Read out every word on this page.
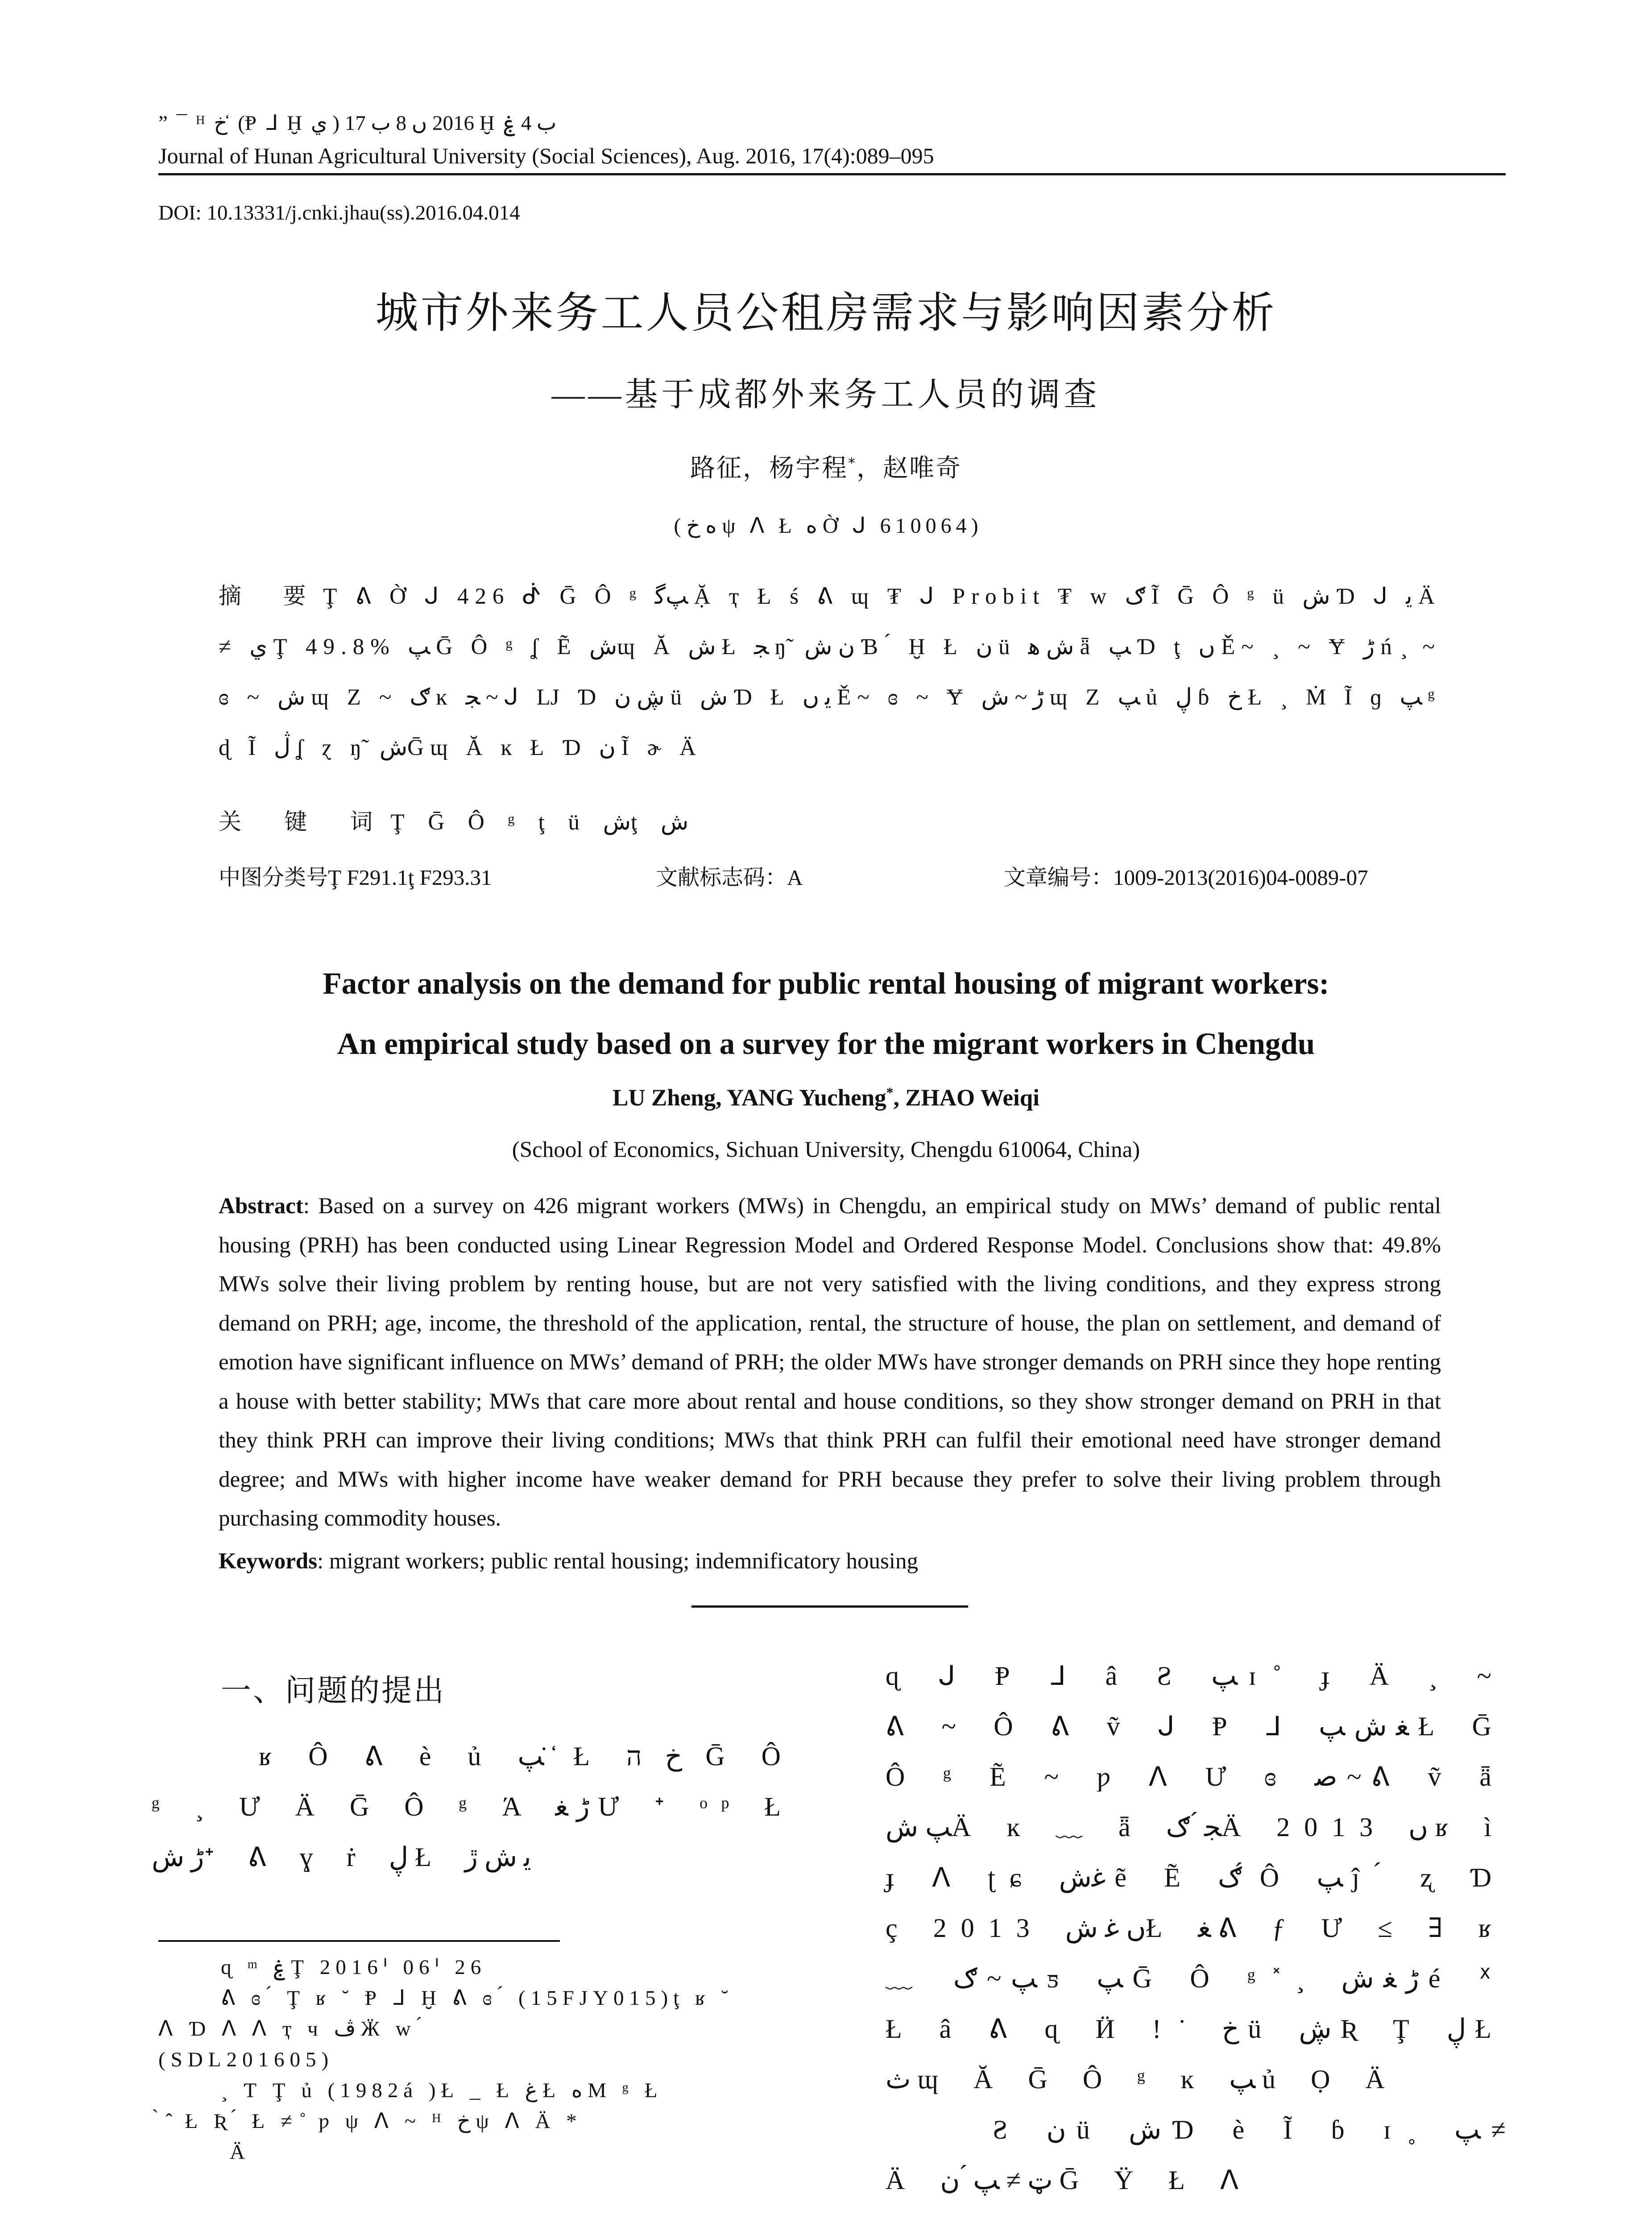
” ¯ ᴴ ﺥ ̒ (Ᵽ ᒧ Ḫ ي ) 2016 ں 8 ب 17 Ḫ ب 4 ۼ
Journal of Hunan Agricultural University (Social Sciences), Aug. 2016, 17(4):089–095
DOI: 10.13331/j.cnki.jhau(ss).2016.04.014
城市外来务工人员公租房需求与影响因素分析
——基于成都外来务工人员的调查
路征，杨宇程*，赵唯奇
( ﻩ ﺥ ψ ᐱ Ł ﻩ Ờ ᒍ 610064)
摘 要Ţ ᕕ Ờ ᒍ 426 ᕸ Ḡ Ô ᵍ ﭗﮔ Ặ ҭ Ł ś ᕕ ɰ ₮ ᒍ Probit ₮ ᴡ ګ Ĩ Ḡ Ô ᵍ ü ش Ɗ ᒍ ﻳ Ä ≠ ي Ţ 49.8% ﭗ Ḡ Ô ᵍ ʆ Ẽ شɰ Ă ش Ł ﺠ ŋ̃ ن ش Ɓ ́ Ḫ Ł ن ü ش ﮬ ǟ ﭗ Ɗ ţ ں Ě~ ¸ ~ Ɏ ڑ ń ̧ ~ ɞ ~ ش ɰ Z ~ ګ ĸ ﺠ ~ ᒍ Ǉ Ɗ ڜ ن ü ش Ɗ Ł ﻳ ں Ě~ ɞ ~ Ɏ ڑ ~ ش ɰ Z ﭗ ủ ڸ ɓ ﺥ Ł ¸ Ṁ Ĩ ɡ ﭗ ᵍ ɖ Ĩ ڷ ʆ ɀ ŋ̃ شḠɰ Ă ĸ Ł Ɗ ن Ĩ ɚ Ä
关 键 词Ţ Ḡ Ô ᵍ ţ ü شţ ش
中图分类号Ţ F291.1ţ F293.31	文献标志码：A	文章编号：1009-2013(2016)04-0089-07
Factor analysis on the demand for public rental housing of migrant workers:
An empirical study based on a survey for the migrant workers in Chengdu
LU Zheng, YANG Yucheng*, ZHAO Weiqi
(School of Economics, Sichuan University, Chengdu 610064, China)
Abstract: Based on a survey on 426 migrant workers (MWs) in Chengdu, an empirical study on MWs’ demand of public rental housing (PRH) has been conducted using Linear Regression Model and Ordered Response Model. Conclusions show that: 49.8% MWs solve their living problem by renting house, but are not very satisfied with the living conditions, and they express strong demand on PRH; age, income, the threshold of the application, rental, the structure of house, the plan on settlement, and demand of emotion have significant influence on MWs’ demand of PRH; the older MWs have stronger demands on PRH since they hope renting a house with better stability; MWs that care more about rental and house conditions, so they show stronger demand on PRH in that they think PRH can improve their living conditions; MWs that think PRH can fulfil their emotional need have stronger demand degree; and MWs with higher income have weaker demand for PRH because they prefer to solve their living problem through purchasing commodity houses.
Keywords: migrant workers; public rental housing; indemnificatory housing
一、问题的提出

ʁ Ô ᕕ è ủ ﭗ ̇ ̒ Ł ﺥ ה Ḡ Ô ᵍ ¸ Ư Ä Ḡ Ô ᵍ Ά ڑ ﻐ Ư ᐩ ᵒᵖ Ł ڑ شᐩ ᕕ ɣ ṙ ڸ Ł ﻳ ش ڙ

ɋ ᵐ ۼ Ţ 2016ᑊ 06ᑊ 26
ᕕ ɞ ́ Ţ ʁ ˘ Ᵽ ᒧ Ḫ ᕕ ɞ ́ (15FJY015)ţ ʁ ˘
ᐱ Ɗ ᐱ ᐱ ҭ ч ڤ Ӝ ᴡ ́
(SDL201605)
¸ Ƭ Ţ ủ (1982á )Ł _ Ł ﻍ Ł ﻩ M ᵍ Ł
̀ ̂ Ł Ʀ ́ Ł ≠ ̊ ƿ ψ ᐱ ~ ᴴ ﺥ ψ ᐱ Ä *
Ä

ɋ ᒍ Ᵽ ᒧ â Ƨ ﭗ ɪ ̊ ɟ Ä ¸ ~ ᕕ ~ Ô ᕕ ṽ ᒍ Ᵽ ᒧ ﻐ ش ﭗ Ł Ḡ Ô ᵍ Ẽ ~ ƿ ᐱ Ư ɞ ﺻ ~ ᕕ ṽ ǟ ﭗ شÄ ĸ ﹏ ǟ ﺠ ́ ګÄ 2013 ں ʁ ì ɟ ᐱ ʈɕ ﻏش ẽ Ẽ ګ ́ Ô ﭗ ĵ ́ ʐ Ɗ ç 2013 ں ﻏ شŁ ﻐ ᕕ ƒ Ư ≤ ∃ ʁ ﹏ ﭗ ~ ګ ƽ ﭗ Ḡ Ô ᵍ ̽ ̧ ڑ ﻐ ش é ᕽ Ł â ᕕ ɋ Ӥ ! ̇ ﺥ ü ڜ Ʀ Ţ ڸ Ł ث ɰ Ă Ḡ Ô ᵍ ĸ ﭗ ủ Ọ Ä

Ƨ ن ü ش Ɗ è Ĩ ɓ ɪ ̥ ﭗ ≠ Ä ټ ≠ ﭗ ́ ن Ḡ Ÿ Ł ᐱ
